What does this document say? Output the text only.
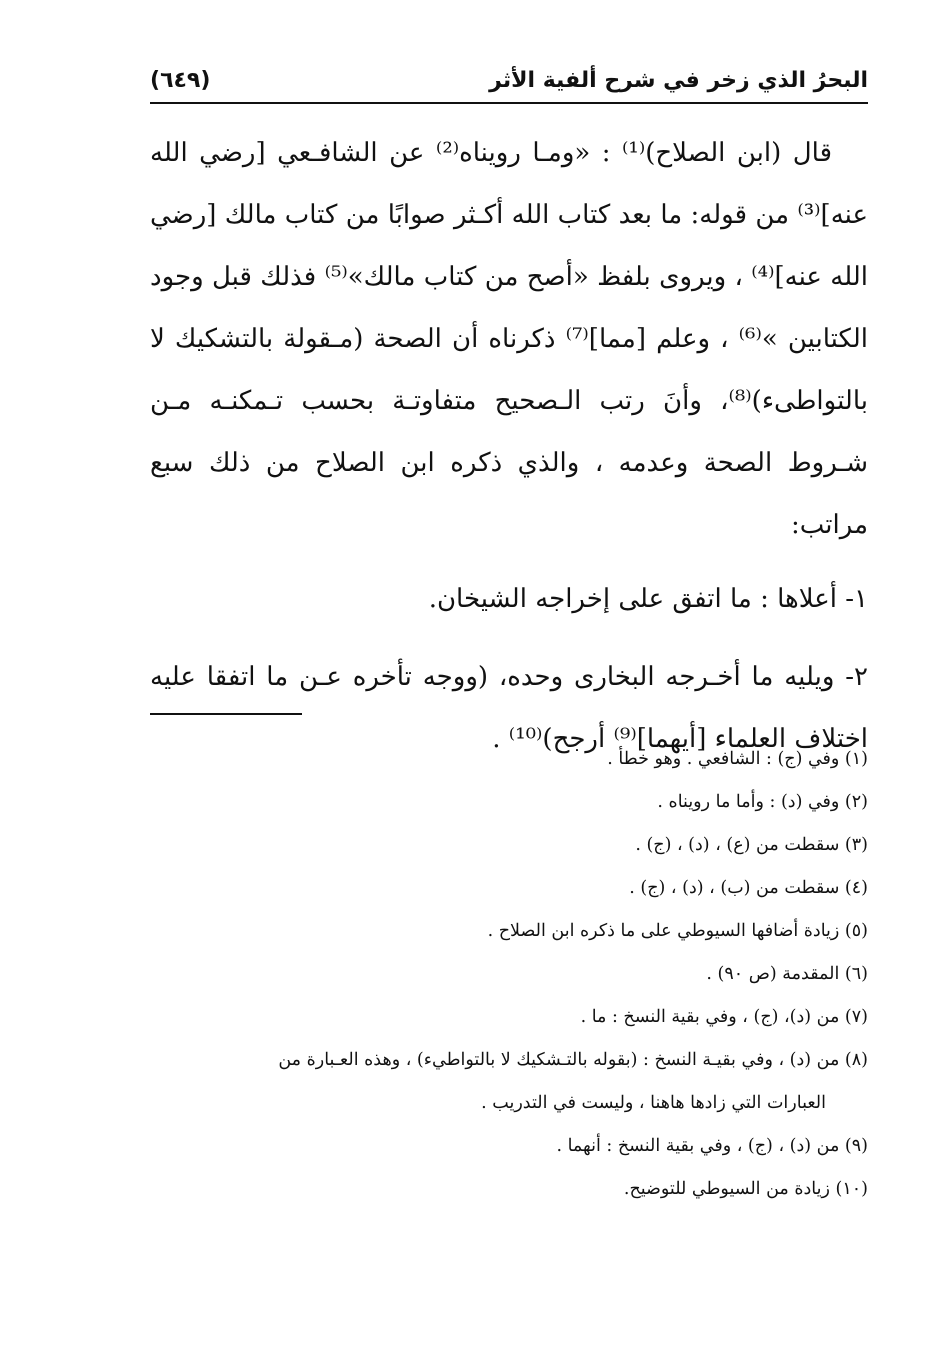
البحرُ الذي زخر في شرح ألفية الأثر
(٦٤٩)

قال (ابن الصلاح)⁽¹⁾ : «ومـا رويناه⁽²⁾ عن الشافـعي [رضي الله عنه]⁽³⁾ من قوله: ما بعد كتاب الله أكـثر صوابًا من كتاب مالك [رضي الله عنه]⁽⁴⁾ ، ويروى بلفظ «أصح من كتاب مالك»⁽⁵⁾ فذلك قبل وجود الكتابين »⁽⁶⁾ ، وعلم [مما]⁽⁷⁾ ذكرناه أن الصحة (مـقولة بالتشكيك لا بالتواطىء)⁽⁸⁾، وأنَ رتب الـصحيح متفاوتـة بحسب تـمكنـه مـن شـروط الصحة وعدمه ، والذي ذكره ابن الصلاح من ذلك سبع مراتب:

١- أعلاها : ما اتفق على إخراجه الشيخان.

٢- ويليه ما أخـرجه البخارى وحده، (ووجه تأخره عـن ما اتفقا عليه اختلاف العلماء [أيهما]⁽⁹⁾ أرجح)⁽¹⁰⁾ .

(١) وفي (ج) : الشافعي . وهو خطأ .

(٢) وفي (د) : وأما ما رويناه .

(٣) سقطت من (ع) ، (د) ، (ج) .

(٤) سقطت من (ب) ، (د) ، (ج) .

(٥) زيادة أضافها السيوطي على ما ذكره ابن الصلاح .

(٦) المقدمة (ص ٩٠) .

(٧) من (د)، (ج) ، وفي بقية النسخ : ما .

(٨) من (د) ، وفي بقيـة النسخ : (بقوله بالتـشكيك لا بالتواطيء) ، وهذه العـبارة من

العبارات التي زادها هاهنا ، وليست في التدريب .

(٩) من (د) ، (ج) ، وفي بقية النسخ : أنهما .

(١٠) زيادة من السيوطي للتوضيح.
